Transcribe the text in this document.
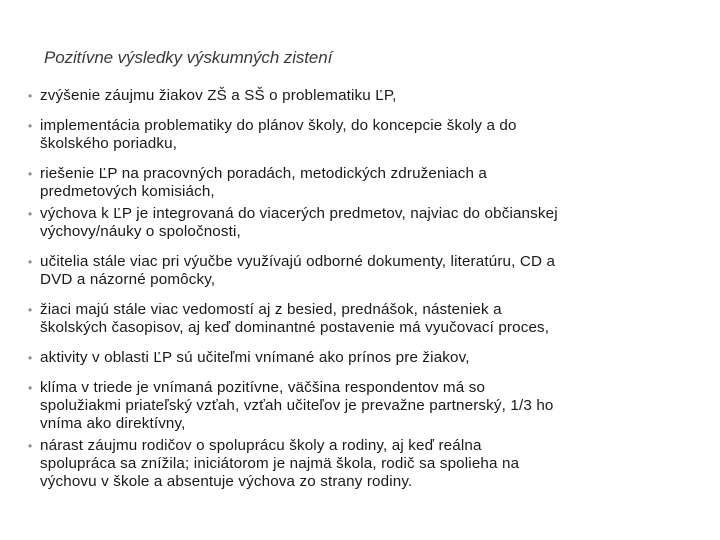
Pozitívne výsledky výskumných zistení
• zvýšenie záujmu žiakov ZŠ a SŠ o problematiku ĽP,
• implementácia problematiky do plánov školy, do koncepcie školy a do
školského poriadku,
• riešenie ĽP na pracovných poradách, metodických združeniach a
predmetových komisiách,
• výchova k ĽP je integrovaná do viacerých predmetov, najviac do občianskej
výchovy/náuky o spoločnosti,
• učitelia stále viac pri výučbe využívajú odborné dokumenty, literatúru, CD a
DVD a názorné pomôcky,
• žiaci majú stále viac vedomostí aj z besied, prednášok, násteniek a
školských časopisov, aj keď dominantné postavenie má vyučovací proces,
• aktivity v oblasti ĽP sú učiteľmi vnímané ako prínos pre žiakov,
• klíma v triede je vnímaná pozitívne, väčšina respondentov má so
spolužiakmi priateľský vzťah, vzťah učiteľov je prevažne partnerský, 1/3 ho
vníma ako direktívny,
• nárast záujmu rodičov o spoluprácu školy a rodiny, aj keď reálna
spolupráca sa znížila; iniciátorom je najmä škola, rodič sa spolieha na
výchovu v škole a absentuje výchova zo strany rodiny.
